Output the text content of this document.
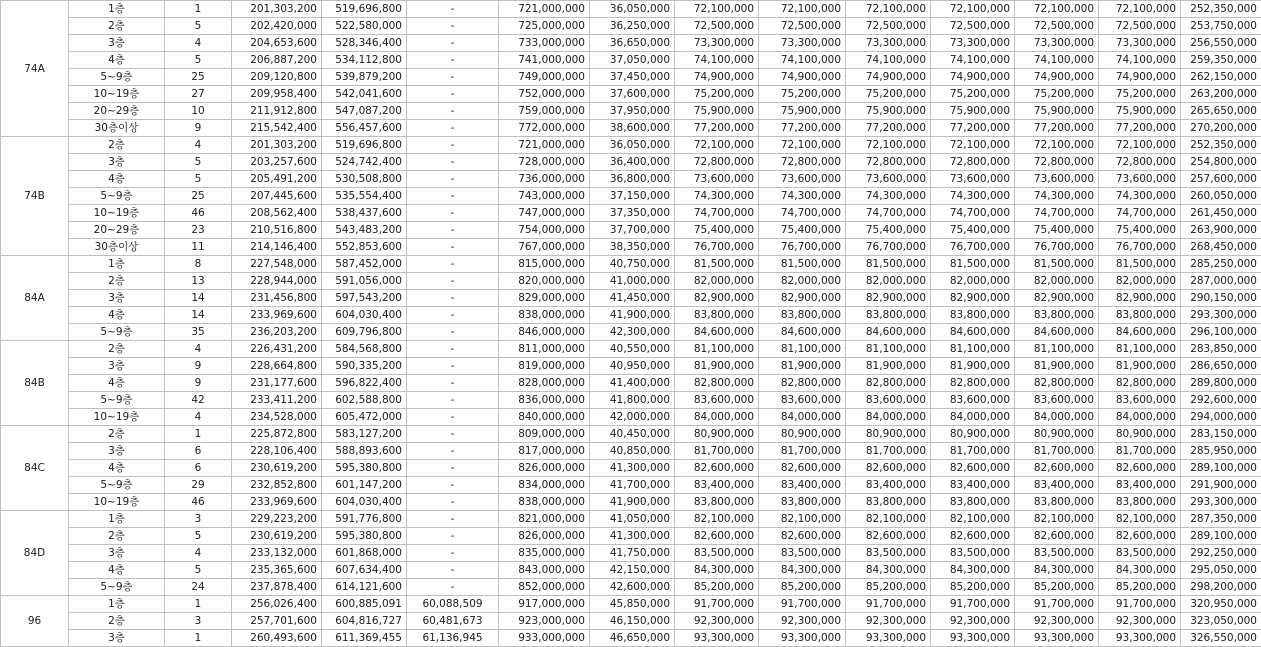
74A	1층	1	201,303,200	519,696,800	-	721,000,000	36,050,000	72,100,000	72,100,000	72,100,000	72,100,000	72,100,000	72,100,000	252,350,000
	2층	5	202,420,000	522,580,000	-	725,000,000	36,250,000	72,500,000	72,500,000	72,500,000	72,500,000	72,500,000	72,500,000	253,750,000
	3층	4	204,653,600	528,346,400	-	733,000,000	36,650,000	73,300,000	73,300,000	73,300,000	73,300,000	73,300,000	73,300,000	256,550,000
	4층	5	206,887,200	534,112,800	-	741,000,000	37,050,000	74,100,000	74,100,000	74,100,000	74,100,000	74,100,000	74,100,000	259,350,000
	5~9층	25	209,120,800	539,879,200	-	749,000,000	37,450,000	74,900,000	74,900,000	74,900,000	74,900,000	74,900,000	74,900,000	262,150,000
	10~19층	27	209,958,400	542,041,600	-	752,000,000	37,600,000	75,200,000	75,200,000	75,200,000	75,200,000	75,200,000	75,200,000	263,200,000
	20~29층	10	211,912,800	547,087,200	-	759,000,000	37,950,000	75,900,000	75,900,000	75,900,000	75,900,000	75,900,000	75,900,000	265,650,000
	30층이상	9	215,542,400	556,457,600	-	772,000,000	38,600,000	77,200,000	77,200,000	77,200,000	77,200,000	77,200,000	77,200,000	270,200,000
74B	2층	4	201,303,200	519,696,800	-	721,000,000	36,050,000	72,100,000	72,100,000	72,100,000	72,100,000	72,100,000	72,100,000	252,350,000
	3층	5	203,257,600	524,742,400	-	728,000,000	36,400,000	72,800,000	72,800,000	72,800,000	72,800,000	72,800,000	72,800,000	254,800,000
	4층	5	205,491,200	530,508,800	-	736,000,000	36,800,000	73,600,000	73,600,000	73,600,000	73,600,000	73,600,000	73,600,000	257,600,000
	5~9층	25	207,445,600	535,554,400	-	743,000,000	37,150,000	74,300,000	74,300,000	74,300,000	74,300,000	74,300,000	74,300,000	260,050,000
	10~19층	46	208,562,400	538,437,600	-	747,000,000	37,350,000	74,700,000	74,700,000	74,700,000	74,700,000	74,700,000	74,700,000	261,450,000
	20~29층	23	210,516,800	543,483,200	-	754,000,000	37,700,000	75,400,000	75,400,000	75,400,000	75,400,000	75,400,000	75,400,000	263,900,000
	30층이상	11	214,146,400	552,853,600	-	767,000,000	38,350,000	76,700,000	76,700,000	76,700,000	76,700,000	76,700,000	76,700,000	268,450,000
84A	1층	8	227,548,000	587,452,000	-	815,000,000	40,750,000	81,500,000	81,500,000	81,500,000	81,500,000	81,500,000	81,500,000	285,250,000
	2층	13	228,944,000	591,056,000	-	820,000,000	41,000,000	82,000,000	82,000,000	82,000,000	82,000,000	82,000,000	82,000,000	287,000,000
	3층	14	231,456,800	597,543,200	-	829,000,000	41,450,000	82,900,000	82,900,000	82,900,000	82,900,000	82,900,000	82,900,000	290,150,000
	4층	14	233,969,600	604,030,400	-	838,000,000	41,900,000	83,800,000	83,800,000	83,800,000	83,800,000	83,800,000	83,800,000	293,300,000
	5~9층	35	236,203,200	609,796,800	-	846,000,000	42,300,000	84,600,000	84,600,000	84,600,000	84,600,000	84,600,000	84,600,000	296,100,000
84B	2층	4	226,431,200	584,568,800	-	811,000,000	40,550,000	81,100,000	81,100,000	81,100,000	81,100,000	81,100,000	81,100,000	283,850,000
	3층	9	228,664,800	590,335,200	-	819,000,000	40,950,000	81,900,000	81,900,000	81,900,000	81,900,000	81,900,000	81,900,000	286,650,000
	4층	9	231,177,600	596,822,400	-	828,000,000	41,400,000	82,800,000	82,800,000	82,800,000	82,800,000	82,800,000	82,800,000	289,800,000
	5~9층	42	233,411,200	602,588,800	-	836,000,000	41,800,000	83,600,000	83,600,000	83,600,000	83,600,000	83,600,000	83,600,000	292,600,000
	10~19층	4	234,528,000	605,472,000	-	840,000,000	42,000,000	84,000,000	84,000,000	84,000,000	84,000,000	84,000,000	84,000,000	294,000,000
84C	2층	1	225,872,800	583,127,200	-	809,000,000	40,450,000	80,900,000	80,900,000	80,900,000	80,900,000	80,900,000	80,900,000	283,150,000
	3층	6	228,106,400	588,893,600	-	817,000,000	40,850,000	81,700,000	81,700,000	81,700,000	81,700,000	81,700,000	81,700,000	285,950,000
	4층	6	230,619,200	595,380,800	-	826,000,000	41,300,000	82,600,000	82,600,000	82,600,000	82,600,000	82,600,000	82,600,000	289,100,000
	5~9층	29	232,852,800	601,147,200	-	834,000,000	41,700,000	83,400,000	83,400,000	83,400,000	83,400,000	83,400,000	83,400,000	291,900,000
	10~19층	46	233,969,600	604,030,400	-	838,000,000	41,900,000	83,800,000	83,800,000	83,800,000	83,800,000	83,800,000	83,800,000	293,300,000
84D	1층	3	229,223,200	591,776,800	-	821,000,000	41,050,000	82,100,000	82,100,000	82,100,000	82,100,000	82,100,000	82,100,000	287,350,000
	2층	5	230,619,200	595,380,800	-	826,000,000	41,300,000	82,600,000	82,600,000	82,600,000	82,600,000	82,600,000	82,600,000	289,100,000
	3층	4	233,132,000	601,868,000	-	835,000,000	41,750,000	83,500,000	83,500,000	83,500,000	83,500,000	83,500,000	83,500,000	292,250,000
	4층	5	235,365,600	607,634,400	-	843,000,000	42,150,000	84,300,000	84,300,000	84,300,000	84,300,000	84,300,000	84,300,000	295,050,000
	5~9층	24	237,878,400	614,121,600	-	852,000,000	42,600,000	85,200,000	85,200,000	85,200,000	85,200,000	85,200,000	85,200,000	298,200,000
96	1층	1	256,026,400	600,885,091	60,088,509	917,000,000	45,850,000	91,700,000	91,700,000	91,700,000	91,700,000	91,700,000	91,700,000	320,950,000
	2층	3	257,701,600	604,816,727	60,481,673	923,000,000	46,150,000	92,300,000	92,300,000	92,300,000	92,300,000	92,300,000	92,300,000	323,050,000
	3층	1	260,493,600	611,369,455	61,136,945	933,000,000	46,650,000	93,300,000	93,300,000	93,300,000	93,300,000	93,300,000	93,300,000	326,550,000
